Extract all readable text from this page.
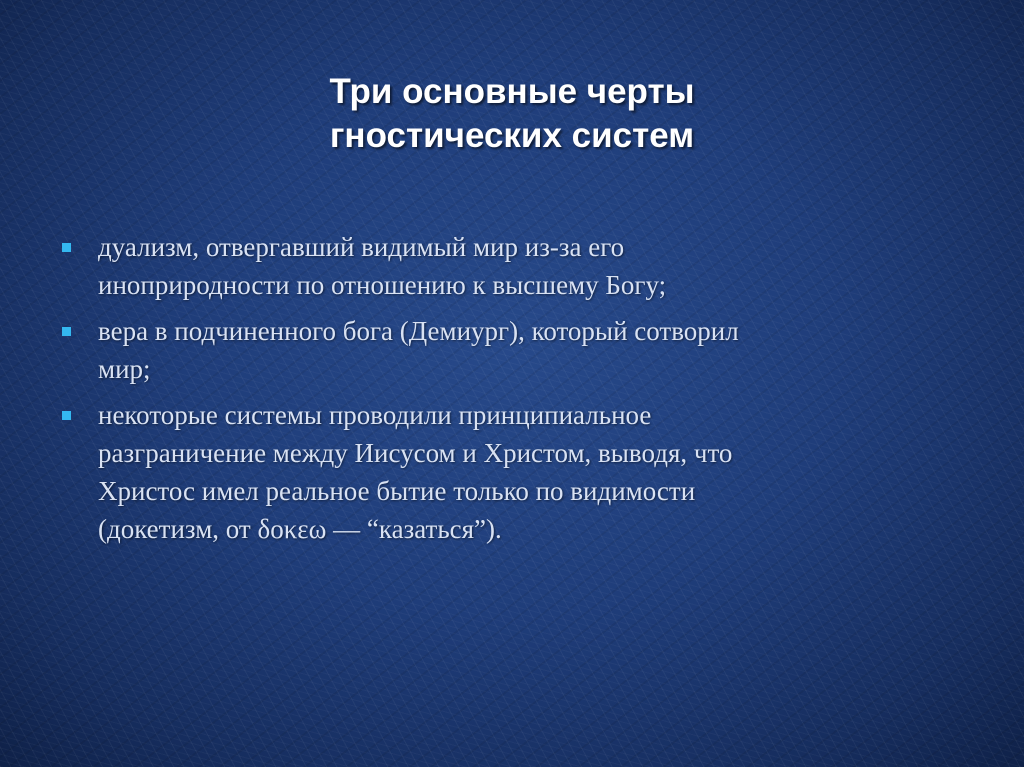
Три основные черты
гностических систем
дуализм, отвергавший видимый мир из-за его
иноприродности по отношению к высшему Богу;
вера в подчиненного бога (Демиург), который сотворил
мир;
некоторые системы проводили принципиальное
разграничение между Иисусом и Христом, выводя, что
Христос имел реальное бытие только по видимости
(докетизм, от δοκεω — “казаться”).
